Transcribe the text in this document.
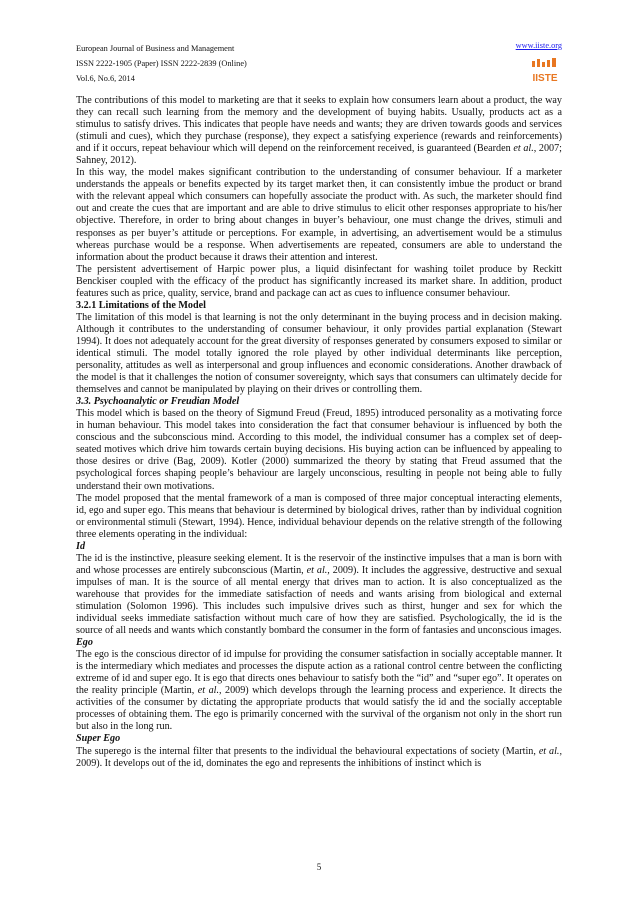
European Journal of Business and Management
ISSN 2222-1905 (Paper) ISSN 2222-2839 (Online)
Vol.6, No.6, 2014
www.iiste.org
IISTE

The contributions of this model to marketing are that it seeks to explain how consumers learn about a product, the way they can recall such learning from the memory and the development of buying habits. Usually, products act as a stimulus to satisfy drives. This indicates that people have needs and wants; they are driven towards goods and services (stimuli and cues), which they purchase (response), they expect a satisfying experience (rewards and reinforcements) and if it occurs, repeat behaviour which will depend on the reinforcement received, is guaranteed (Bearden et al., 2007; Sahney, 2012).

In this way, the model makes significant contribution to the understanding of consumer behaviour. If a marketer understands the appeals or benefits expected by its target market then, it can consistently imbue the product or brand with the relevant appeal which consumers can hopefully associate the product with. As such, the marketer should find out and create the cues that are important and are able to drive stimulus to elicit other responses appropriate to his/her objective. Therefore, in order to bring about changes in buyer’s behaviour, one must change the drives, stimuli and responses as per buyer’s attitude or perceptions. For example, in advertising, an advertisement would be a stimulus whereas purchase would be a response. When advertisements are repeated, consumers are able to understand the information about the product because it draws their attention and interest.

The persistent advertisement of Harpic power plus, a liquid disinfectant for washing toilet produce by Reckitt Benckiser coupled with the efficacy of the product has significantly increased its market share. In addition, product features such as price, quality, service, brand and package can act as cues to influence consumer behaviour.

3.2.1 Limitations of the Model

The limitation of this model is that learning is not the only determinant in the buying process and in decision making. Although it contributes to the understanding of consumer behaviour, it only provides partial explanation (Stewart 1994). It does not adequately account for the great diversity of responses generated by consumers exposed to similar or identical stimuli. The model totally ignored the role played by other individual determinants like perception, personality, attitudes as well as interpersonal and group influences and economic considerations. Another drawback of the model is that it challenges the notion of consumer sovereignty, which says that consumers can ultimately decide for themselves and cannot be manipulated by playing on their drives or controlling them.

3.3. Psychoanalytic or Freudian Model

This model which is based on the theory of Sigmund Freud (Freud, 1895) introduced personality as a motivating force in human behaviour. This model takes into consideration the fact that consumer behaviour is influenced by both the conscious and the subconscious mind. According to this model, the individual consumer has a complex set of deep-seated motives which drive him towards certain buying decisions. His buying action can be influenced by appealing to those desires or drive (Bag, 2009). Kotler (2000) summarized the theory by stating that Freud assumed that the psychological forces shaping people’s behaviour are largely unconscious, resulting in people not being able to fully understand their own motivations.

The model proposed that the mental framework of a man is composed of three major conceptual interacting elements, id, ego and super ego. This means that behaviour is determined by biological drives, rather than by individual cognition or environmental stimuli (Stewart, 1994). Hence, individual behaviour depends on the relative strength of the following three elements operating in the individual:

Id

The id is the instinctive, pleasure seeking element. It is the reservoir of the instinctive impulses that a man is born with and whose processes are entirely subconscious (Martin, et al., 2009). It includes the aggressive, destructive and sexual impulses of man. It is the source of all mental energy that drives man to action. It is also conceptualized as the warehouse that provides for the immediate satisfaction of needs and wants arising from biological and external stimulation (Solomon 1996). This includes such impulsive drives such as thirst, hunger and sex for which the individual seeks immediate satisfaction without much care of how they are satisfied. Psychologically, the id is the source of all needs and wants which constantly bombard the consumer in the form of fantasies and unconscious images.

Ego

The ego is the conscious director of id impulse for providing the consumer satisfaction in socially acceptable manner. It is the intermediary which mediates and processes the dispute action as a rational control centre between the conflicting extreme of id and super ego. It is ego that directs ones behaviour to satisfy both the “id” and “super ego”. It operates on the reality principle (Martin, et al., 2009) which develops through the learning process and experience. It directs the activities of the consumer by dictating the appropriate products that would satisfy the id and the socially acceptable processes of obtaining them. The ego is primarily concerned with the survival of the organism not only in the short run but also in the long run.

Super Ego

The superego is the internal filter that presents to the individual the behavioural expectations of society (Martin, et al., 2009). It develops out of the id, dominates the ego and represents the inhibitions of instinct which is

5
